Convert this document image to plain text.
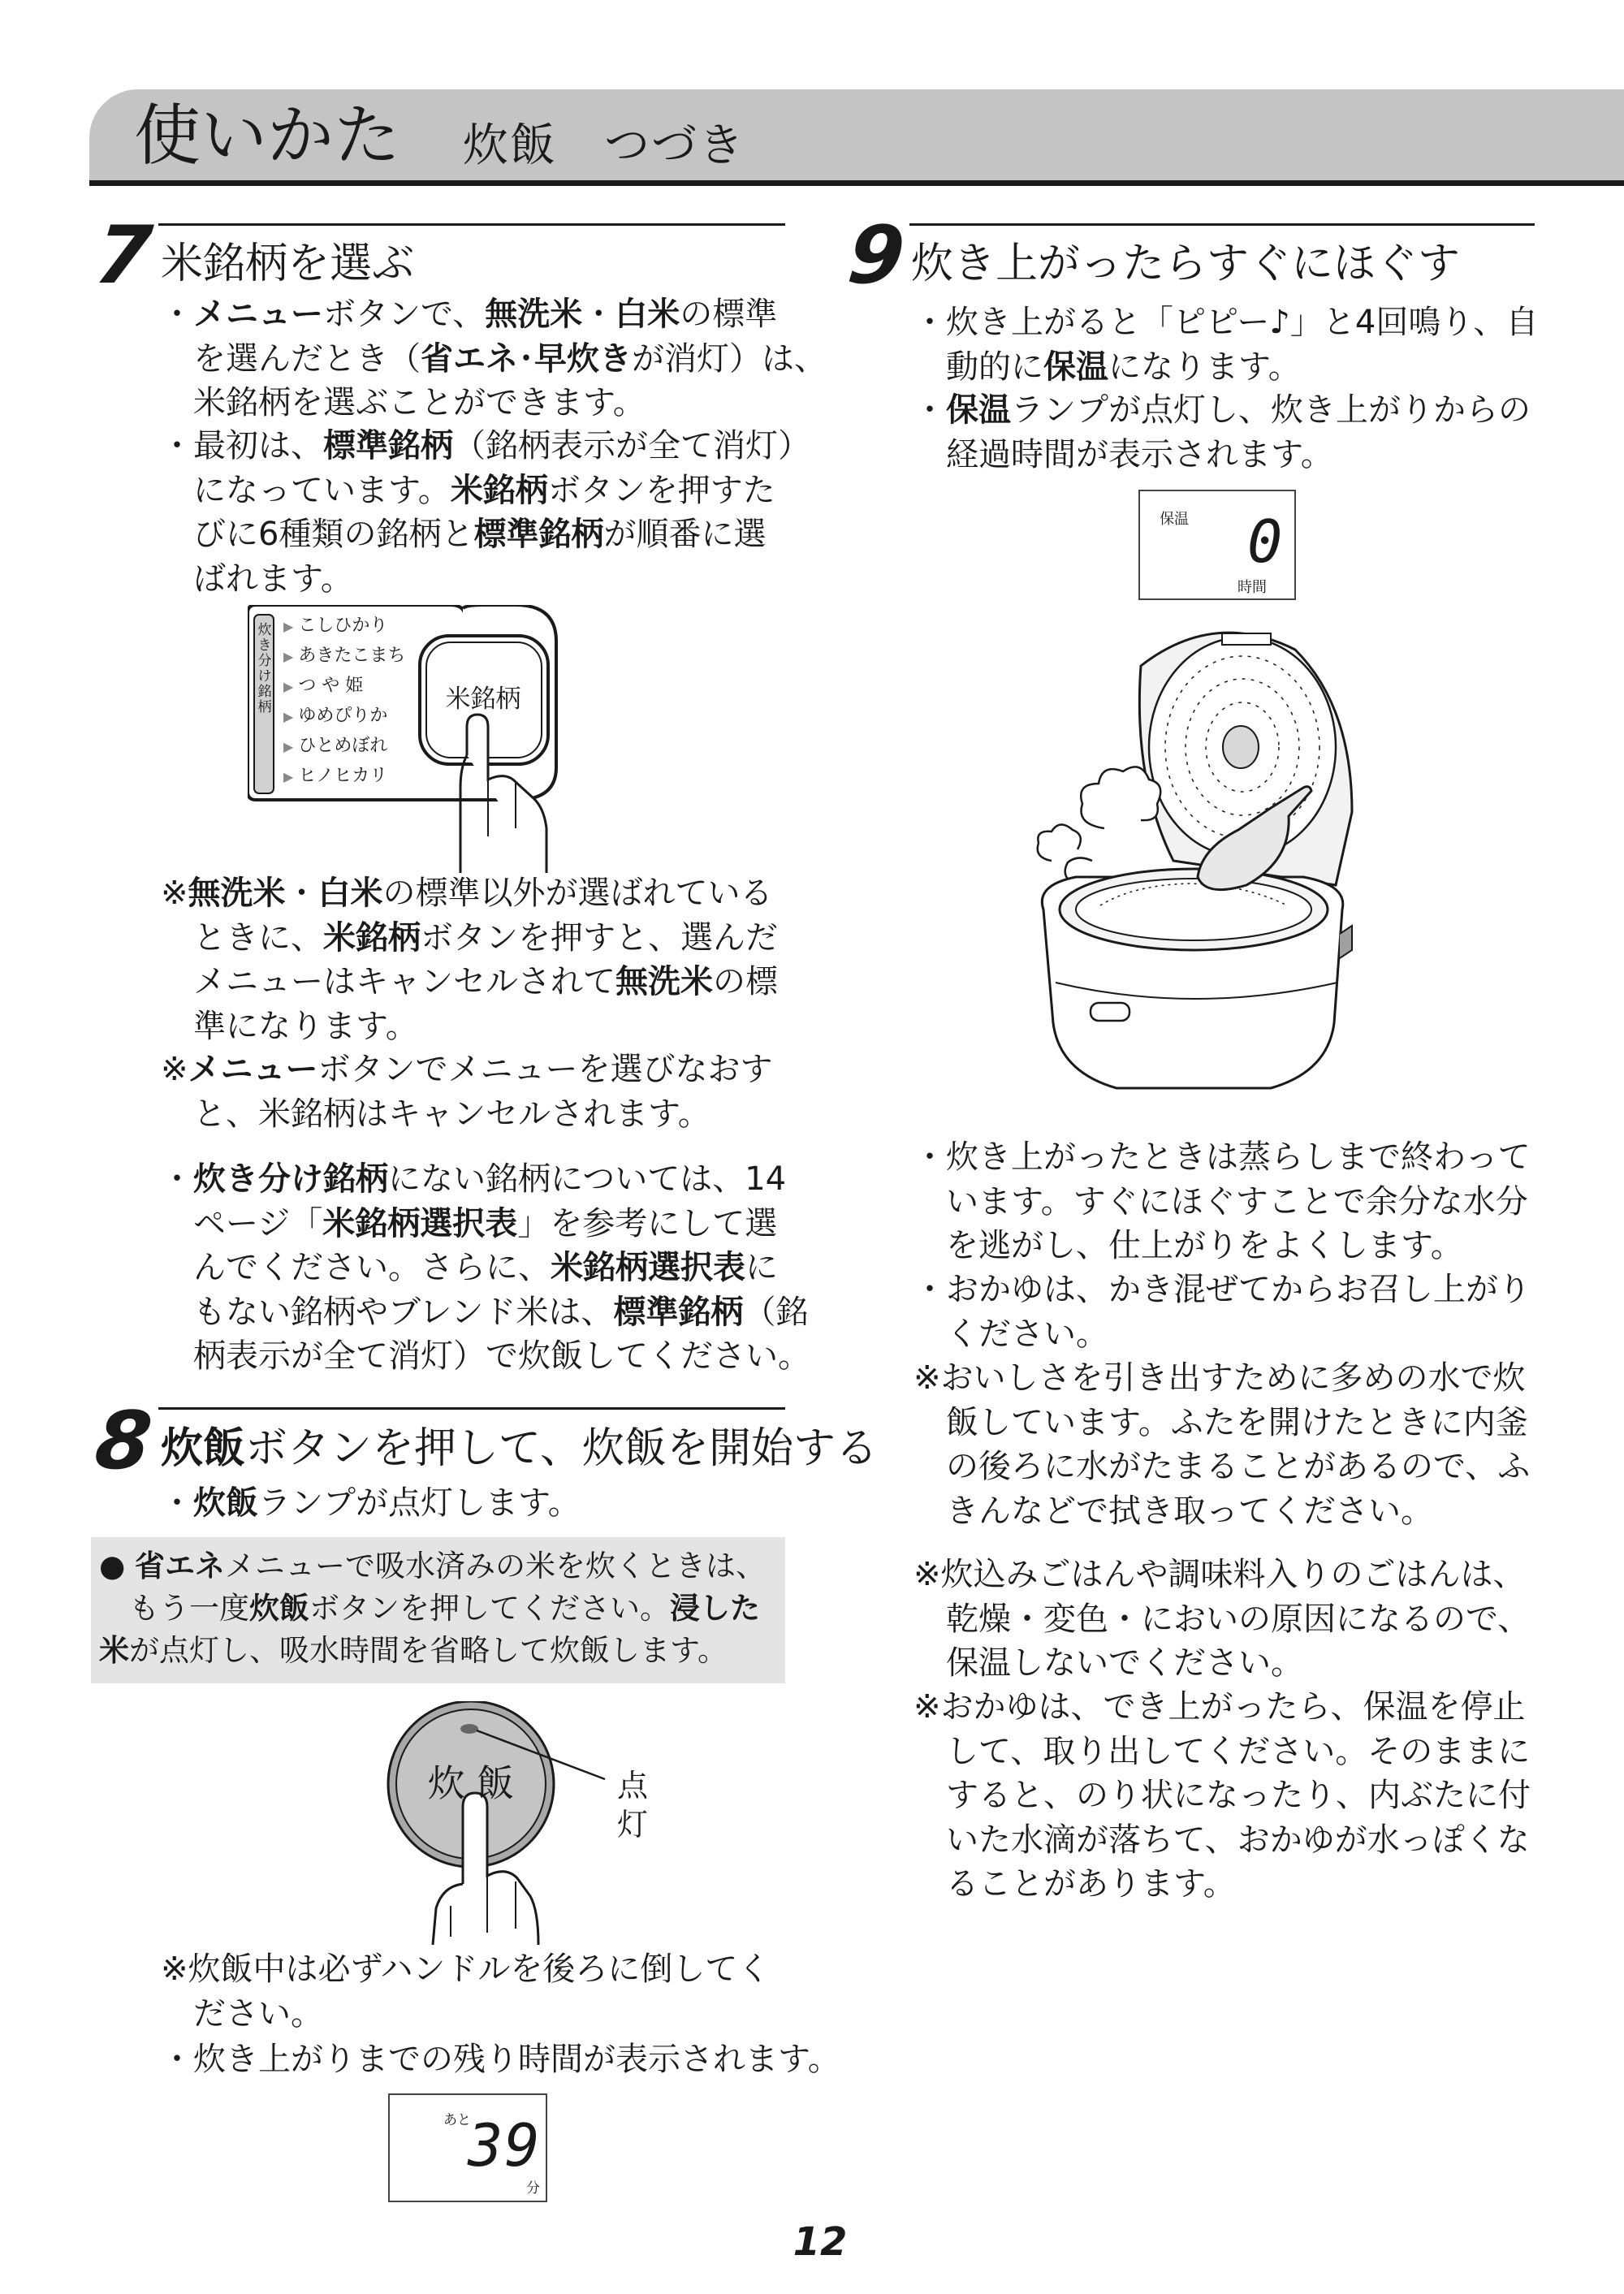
使いかた 炊飯　つづき
7 米銘柄を選ぶ
・メニューボタンで、無洗米・白米の標準
　を選んだとき（省エネ･早炊きが消灯）は、
　米銘柄を選ぶことができます。
・最初は、標準銘柄（銘柄表示が全て消灯）
　になっています。米銘柄ボタンを押すた
　びに6種類の銘柄と標準銘柄が順番に選
　ばれます。
炊き分け銘柄
▶ こしひかり
▶ あきたこまち
▶ つ や 姫
▶ ゆめぴりか
▶ ひとめぼれ
▶ ヒノヒカリ
米銘柄
※無洗米・白米の標準以外が選ばれている
　ときに、米銘柄ボタンを押すと、選んだ
　メニューはキャンセルされて無洗米の標
　準になります。
※メニューボタンでメニューを選びなおす
　と、米銘柄はキャンセルされます。
・炊き分け銘柄にない銘柄については、14
　ページ「米銘柄選択表」を参考にして選
　んでください。さらに、米銘柄選択表に
　もない銘柄やブレンド米は、標準銘柄（銘
　柄表示が全て消灯）で炊飯してください。
8 炊飯ボタンを押して、炊飯を開始する
・炊飯ランプが点灯します。
● 省エネメニューで吸水済みの米を炊くときは、
　もう一度炊飯ボタンを押してください。浸した
米が点灯し、吸水時間を省略して炊飯します。
炊 飯	点灯
※炊飯中は必ずハンドルを後ろに倒してく
　ださい。
・炊き上がりまでの残り時間が表示されます。
あと
39
分
9 炊き上がったらすぐにほぐす
・炊き上がると「ピピー♪」と4回鳴り、自
　動的に保温になります。
・保温ランプが点灯し、炊き上がりからの
　経過時間が表示されます。
保温 0
時間
・炊き上がったときは蒸らしまで終わって
　います。すぐにほぐすことで余分な水分
　を逃がし、仕上がりをよくします。
・おかゆは、かき混ぜてからお召し上がり
　ください。
※おいしさを引き出すために多めの水で炊
　飯しています。ふたを開けたときに内釜
　の後ろに水がたまることがあるので、ふ
　きんなどで拭き取ってください。
※炊込みごはんや調味料入りのごはんは、
　乾燥・変色・においの原因になるので、
　保温しないでください。
※おかゆは、でき上がったら、保温を停止
　して、取り出してください。そのままに
　すると、のり状になったり、内ぶたに付
　いた水滴が落ちて、おかゆが水っぽくな
　ることがあります。
12
